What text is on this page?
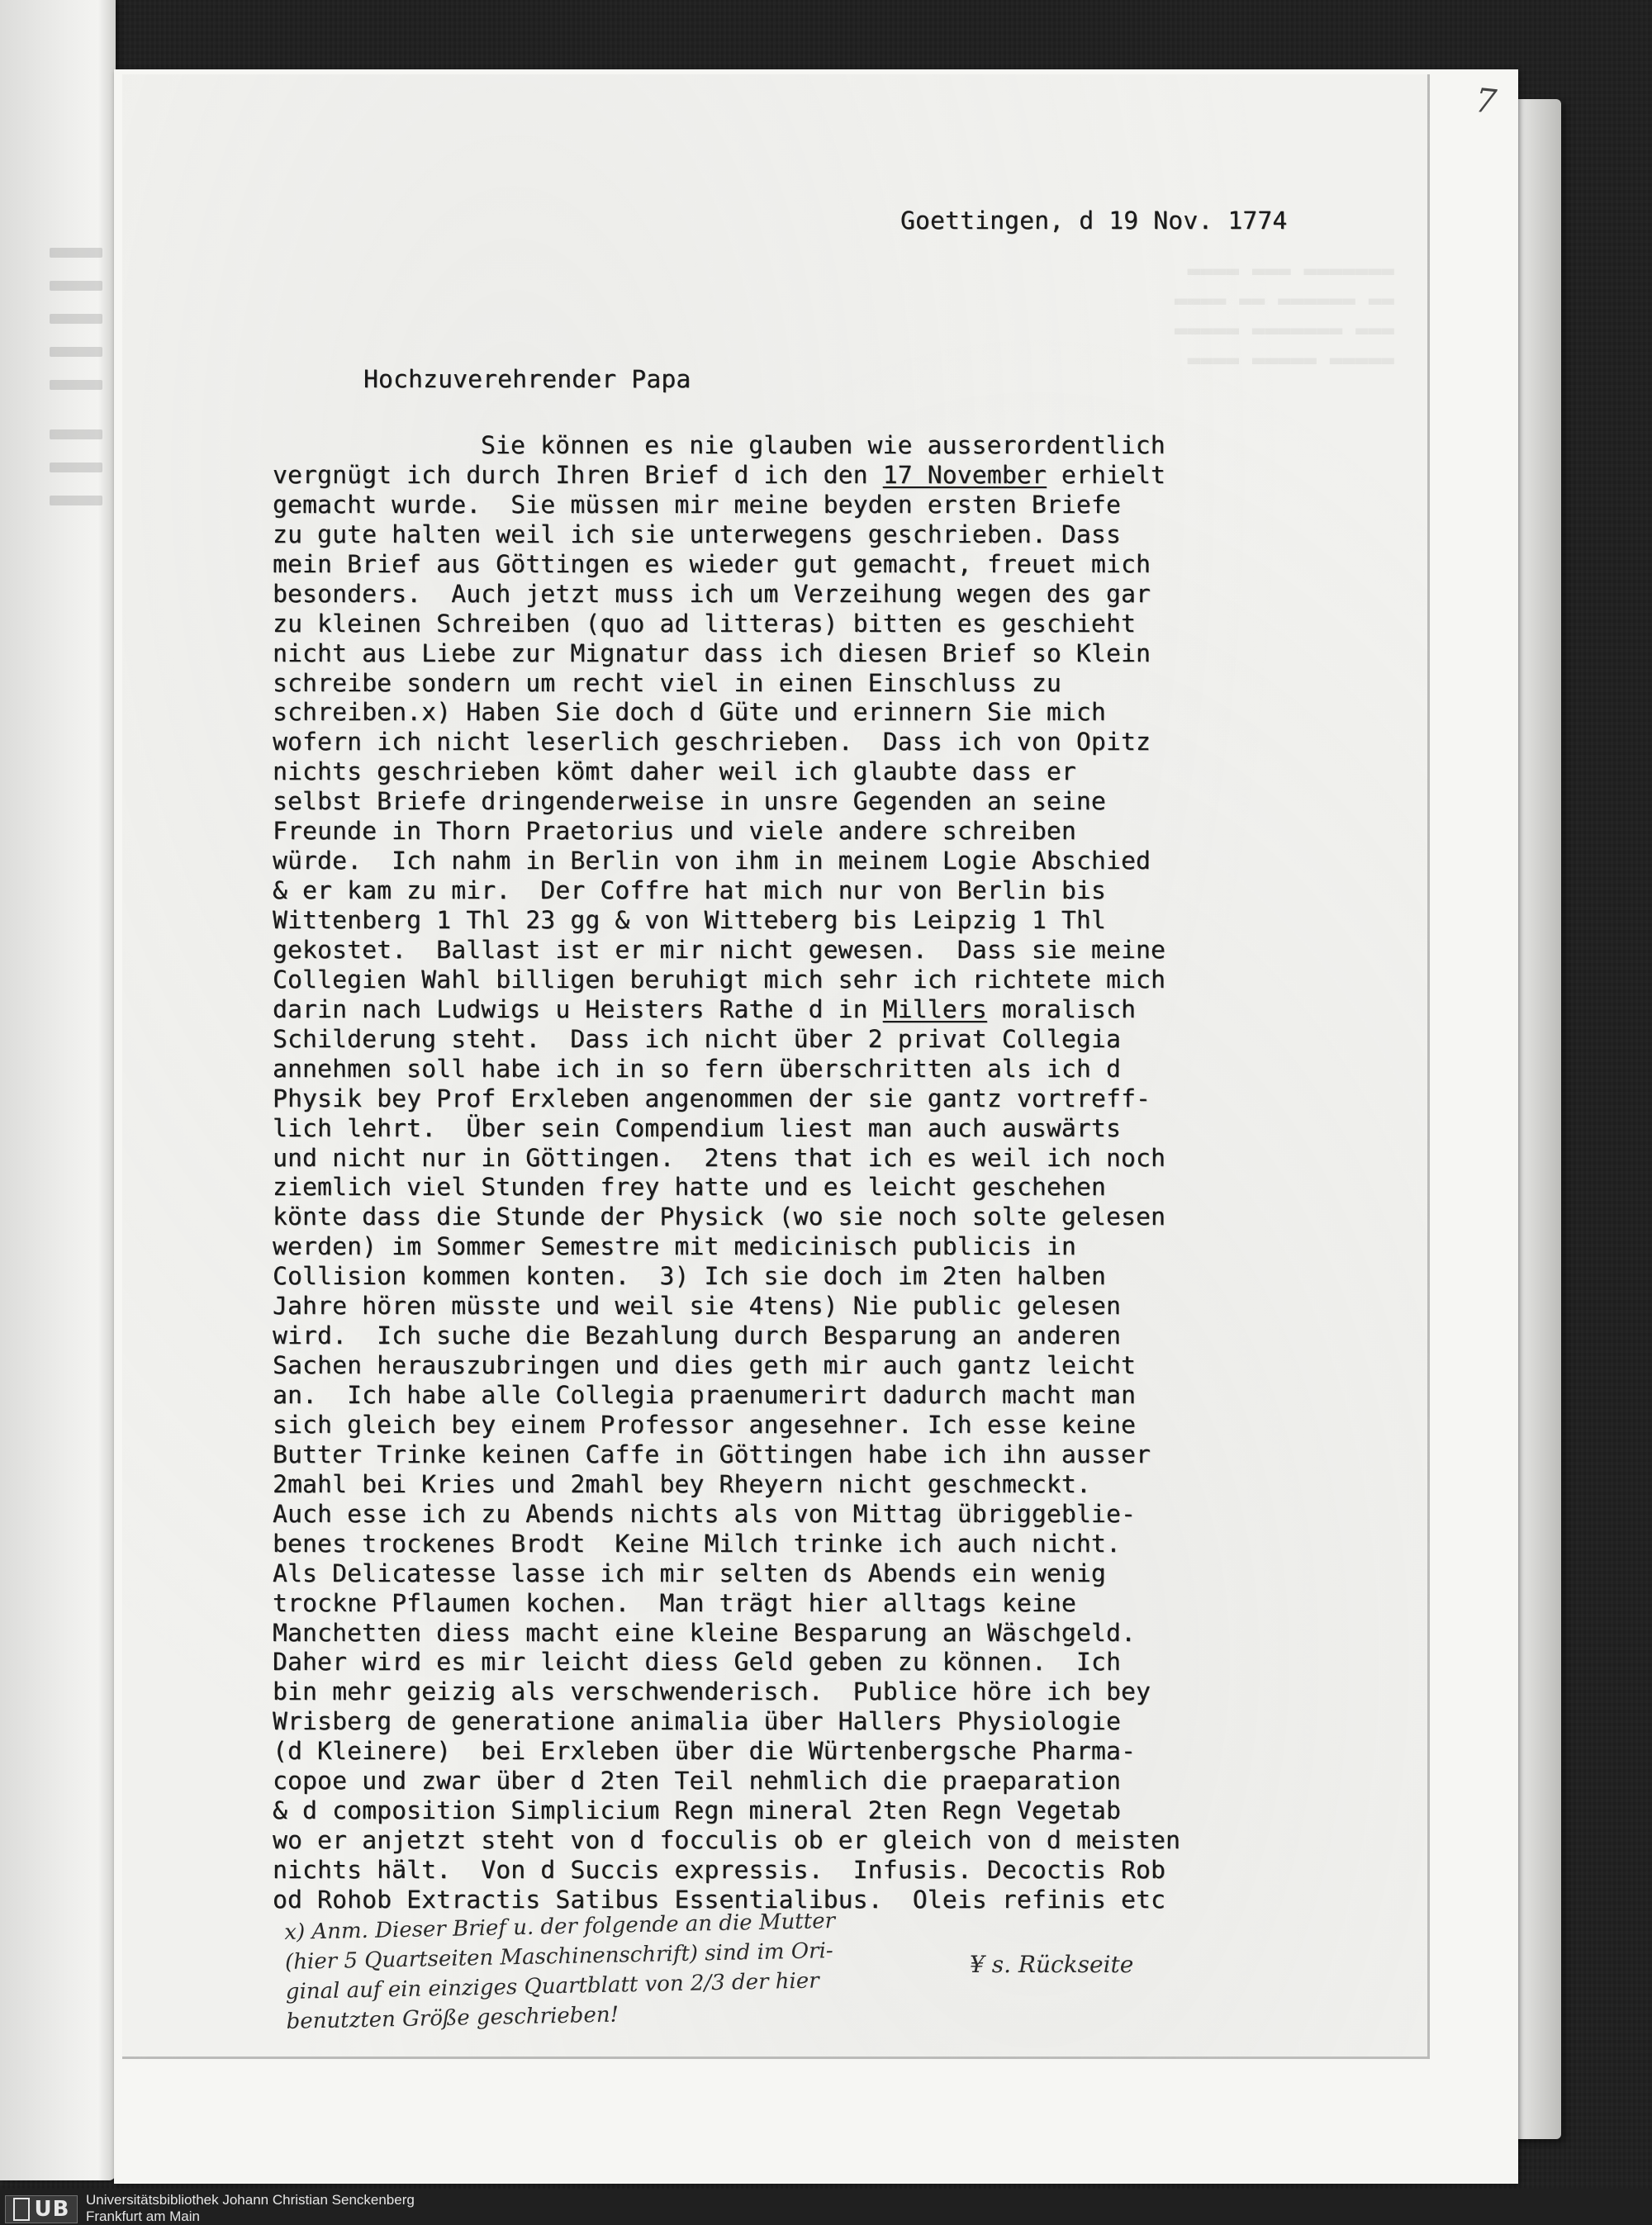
7
▬▬▬▬ ▬▬▬ ▬▬▬▬▬▬▬
▬▬▬▬ ▬▬ ▬▬▬▬▬▬ ▬▬
▬▬▬▬▬ ▬▬▬▬▬▬▬ ▬▬▬
▬▬▬▬ ▬▬▬▬▬ ▬▬▬▬▬
Goettingen, d 19 Nov. 1774
Hochzuverehrender Papa
Sie können es nie glauben wie ausserordentlich
vergnügt ich durch Ihren Brief d ich den 17 November erhielt
gemacht wurde.  Sie müssen mir meine beyden ersten Briefe
zu gute halten weil ich sie unterwegens geschrieben. Dass
mein Brief aus Göttingen es wieder gut gemacht, freuet mich
besonders.  Auch jetzt muss ich um Verzeihung wegen des gar
zu kleinen Schreiben (quo ad litteras) bitten es geschieht
nicht aus Liebe zur Mignatur dass ich diesen Brief so Klein
schreibe sondern um recht viel in einen Einschluss zu
schreiben.x) Haben Sie doch d Güte und erinnern Sie mich
wofern ich nicht leserlich geschrieben.  Dass ich von Opitz
nichts geschrieben kömt daher weil ich glaubte dass er
selbst Briefe dringenderweise in unsre Gegenden an seine
Freunde in Thorn Praetorius und viele andere schreiben
würde.  Ich nahm in Berlin von ihm in meinem Logie Abschied
& er kam zu mir.  Der Coffre hat mich nur von Berlin bis
Wittenberg 1 Thl 23 gg & von Witteberg bis Leipzig 1 Thl
gekostet.  Ballast ist er mir nicht gewesen.  Dass sie meine
Collegien Wahl billigen beruhigt mich sehr ich richtete mich
darin nach Ludwigs u Heisters Rathe d in Millers moralisch
Schilderung steht.  Dass ich nicht über 2 privat Collegia
annehmen soll habe ich in so fern überschritten als ich d
Physik bey Prof Erxleben angenommen der sie gantz vortreff-
lich lehrt.  Über sein Compendium liest man auch auswärts
und nicht nur in Göttingen.  2tens that ich es weil ich noch
ziemlich viel Stunden frey hatte und es leicht geschehen
könte dass die Stunde der Physick (wo sie noch solte gelesen
werden) im Sommer Semestre mit medicinisch publicis in
Collision kommen konten.  3) Ich sie doch im 2ten halben
Jahre hören müsste und weil sie 4tens) Nie public gelesen
wird.  Ich suche die Bezahlung durch Besparung an anderen
Sachen herauszubringen und dies geth mir auch gantz leicht
an.  Ich habe alle Collegia praenumerirt dadurch macht man
sich gleich bey einem Professor angesehner. Ich esse keine
Butter Trinke keinen Caffe in Göttingen habe ich ihn ausser
2mahl bei Kries und 2mahl bey Rheyern nicht geschmeckt.
Auch esse ich zu Abends nichts als von Mittag übriggeblie-
benes trockenes Brodt  Keine Milch trinke ich auch nicht.
Als Delicatesse lasse ich mir selten ds Abends ein wenig
trockne Pflaumen kochen.  Man trägt hier alltags keine
Manchetten diess macht eine kleine Besparung an Wäschgeld.
Daher wird es mir leicht diess Geld geben zu können.  Ich
bin mehr geizig als verschwenderisch.  Publice höre ich bey
Wrisberg de generatione animalia über Hallers Physiologie
(d Kleinere)  bei Erxleben über die Würtenbergsche Pharma-
copoe und zwar über d 2ten Teil nehmlich die praeparation
& d composition Simplicium Regn mineral 2ten Regn Vegetab
wo er anjetzt steht von d focculis ob er gleich von d meisten
nichts hält.  Von d Succis expressis.  Infusis. Decoctis Rob
od Rohob Extractis Satibus Essentialibus.  Oleis refinis etc
x) Anm. Dieser Brief u. der folgende an die Mutter
(hier 5 Quartseiten Maschinenschrift) sind im Ori-
ginal auf ein einziges Quartblatt von 2/3 der hier
benutzten Größe geschrieben!
¥ s. Rückseite
UB Universitätsbibliothek Johann Christian Senckenberg
Frankfurt am Main
